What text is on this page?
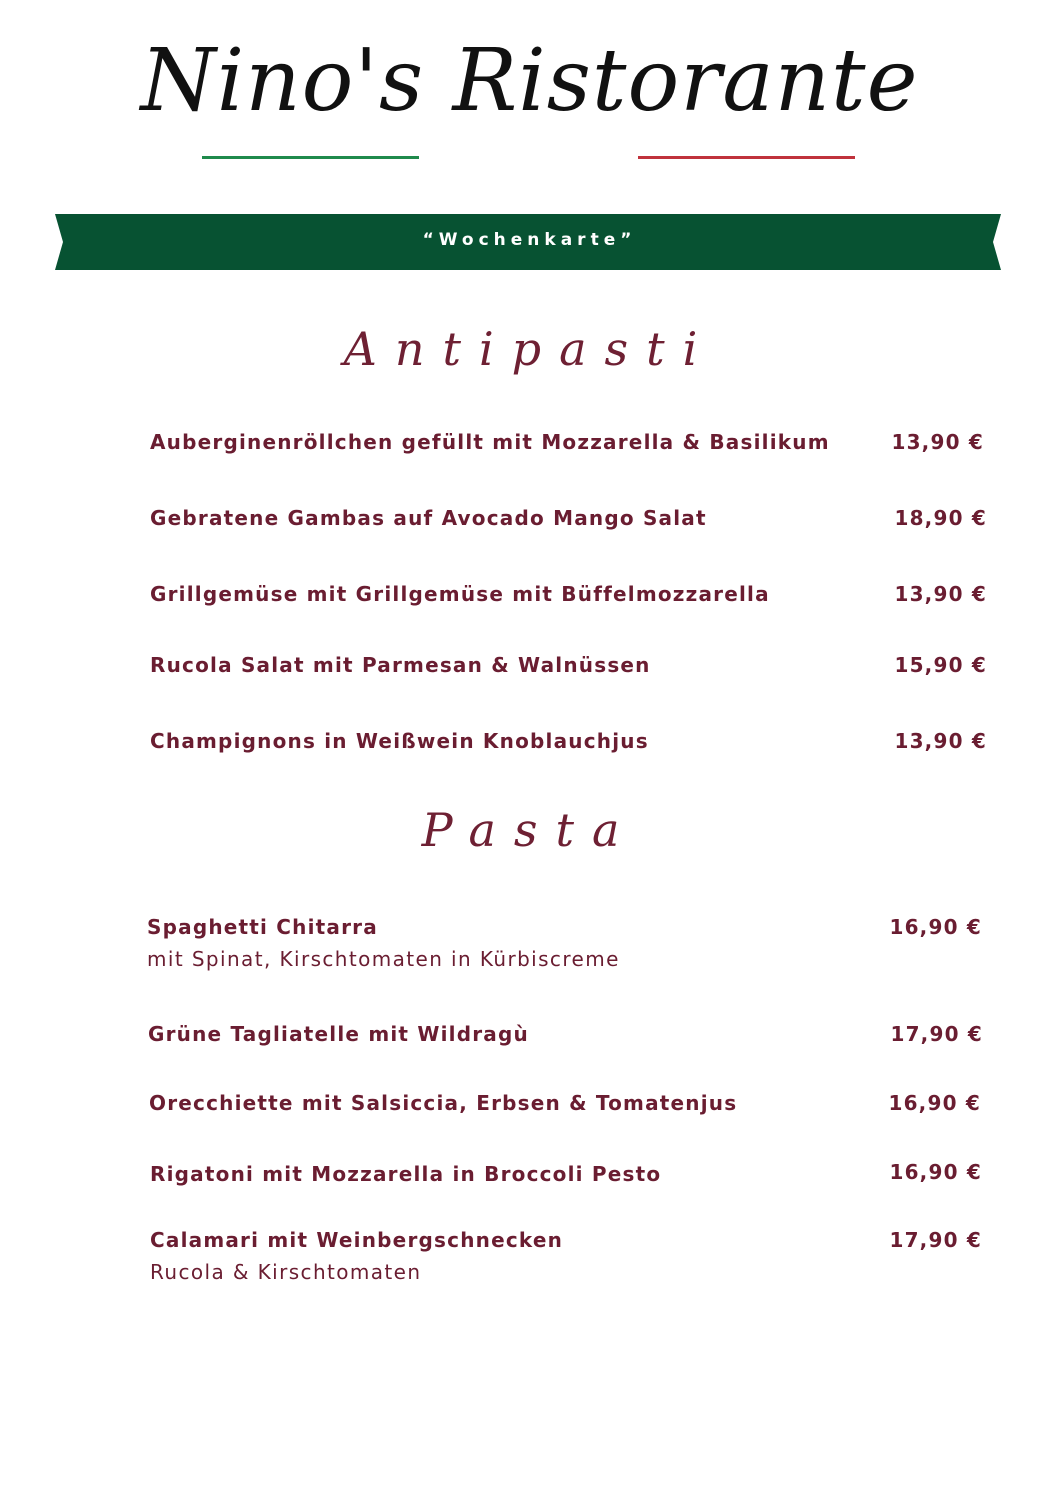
Nino's Ristorante
“Wochenkarte”
Antipasti
Auberginenröllchen gefüllt mit Mozzarella & Basilikum	13,90 €
Gebratene Gambas auf Avocado Mango Salat	18,90 €
Grillgemüse mit Grillgemüse mit Büffelmozzarella	13,90 €
Rucola Salat mit Parmesan & Walnüssen	15,90 €
Champignons in Weißwein Knoblauchjus	13,90 €
Pasta
Spaghetti Chitarra	16,90 €
mit Spinat, Kirschtomaten in Kürbiscreme
Grüne Tagliatelle mit Wildragù	17,90 €
Orecchiette mit Salsiccia, Erbsen & Tomatenjus	16,90 €
Rigatoni mit Mozzarella in Broccoli Pesto	16,90 €
Calamari mit Weinbergschnecken	17,90 €
Rucola & Kirschtomaten
